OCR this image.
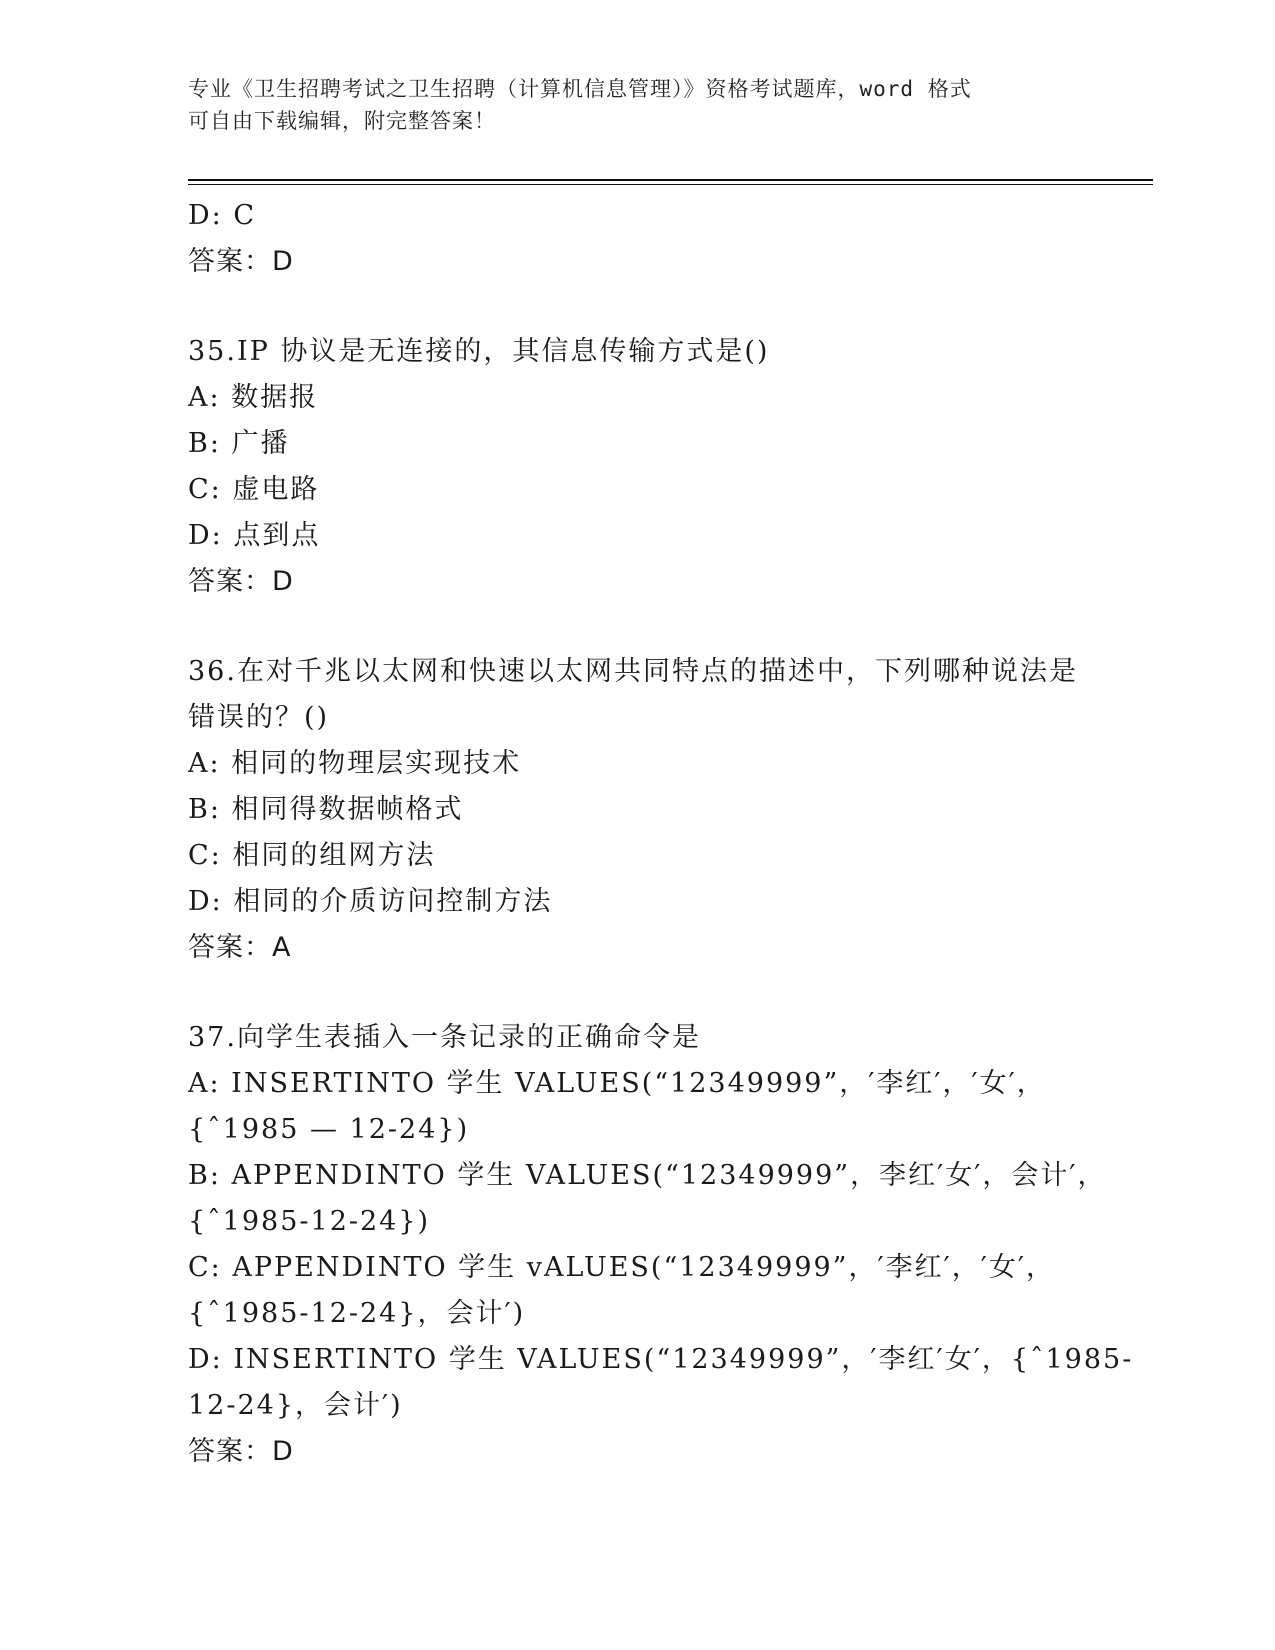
专业《卫生招聘考试之卫生招聘（计算机信息管理）》资格考试题库，word 格式
可自由下载编辑，附完整答案！
D: C
答案：D
35.IP 协议是无连接的，其信息传输方式是()
A: 数据报
B: 广播
C: 虚电路
D: 点到点
答案：D
36.在对千兆以太网和快速以太网共同特点的描述中，下列哪种说法是
错误的？()
A: 相同的物理层实现技术
B: 相同得数据帧格式
C: 相同的组网方法
D: 相同的介质访问控制方法
答案：A
37.向学生表插入一条记录的正确命令是
A: INSERTINTO 学生 VALUES(“12349999”，′李红′，′女′，
{ˆ1985 — 12-24})
B: APPENDINTO 学生 VALUES(“12349999”，李红′女′，会计′，
{ˆ1985-12-24})
C: APPENDINTO 学生 vALUES(“12349999”，′李红′，′女′，
{ˆ1985-12-24}，会计′)
D: INSERTINTO 学生 VALUES(“12349999”，′李红′女′，{ˆ1985-
12-24}，会计′)
答案：D
